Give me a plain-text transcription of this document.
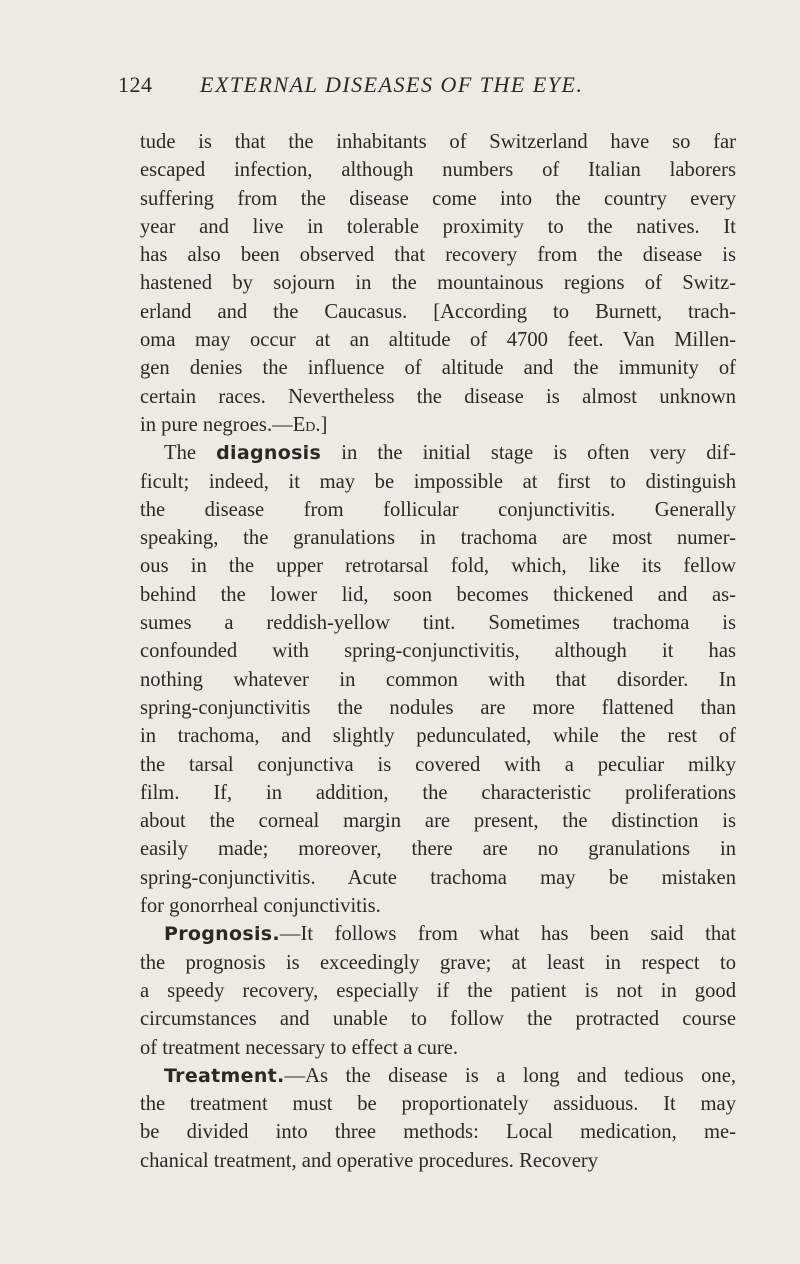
124 EXTERNAL DISEASES OF THE EYE.
tude is that the inhabitants of Switzerland have so far
escaped infection, although numbers of Italian laborers
suffering from the disease come into the country every
year and live in tolerable proximity to the natives. It
has also been observed that recovery from the disease is
hastened by sojourn in the mountainous regions of Switz-
erland and the Caucasus. [According to Burnett, trach-
oma may occur at an altitude of 4700 feet. Van Millen-
gen denies the influence of altitude and the immunity of
certain races. Nevertheless the disease is almost unknown
in pure negroes.—Ed.]
The diagnosis in the initial stage is often very dif-
ficult; indeed, it may be impossible at first to distinguish
the disease from follicular conjunctivitis. Generally
speaking, the granulations in trachoma are most numer-
ous in the upper retrotarsal fold, which, like its fellow
behind the lower lid, soon becomes thickened and as-
sumes a reddish-yellow tint. Sometimes trachoma is
confounded with spring-conjunctivitis, although it has
nothing whatever in common with that disorder. In
spring-conjunctivitis the nodules are more flattened than
in trachoma, and slightly pedunculated, while the rest of
the tarsal conjunctiva is covered with a peculiar milky
film. If, in addition, the characteristic proliferations
about the corneal margin are present, the distinction is
easily made; moreover, there are no granulations in
spring-conjunctivitis. Acute trachoma may be mistaken
for gonorrheal conjunctivitis.
Prognosis.—It follows from what has been said that
the prognosis is exceedingly grave; at least in respect to
a speedy recovery, especially if the patient is not in good
circumstances and unable to follow the protracted course
of treatment necessary to effect a cure.
Treatment.—As the disease is a long and tedious one,
the treatment must be proportionately assiduous. It may
be divided into three methods: Local medication, me-
chanical treatment, and operative procedures. Recovery
